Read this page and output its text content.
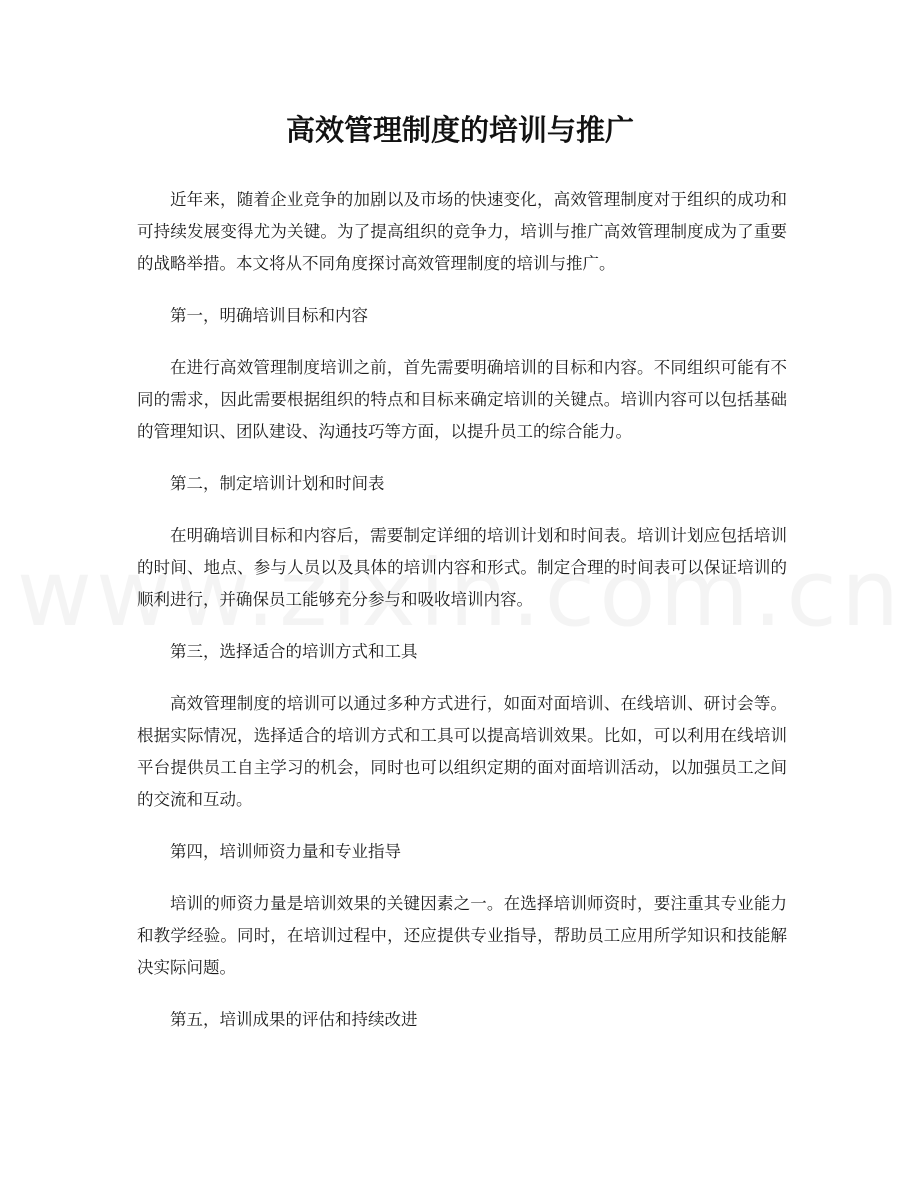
高效管理制度的培训与推广

近年来，随着企业竞争的加剧以及市场的快速变化，高效管理制度对于组织的成功和可持续发展变得尤为关键。为了提高组织的竞争力，培训与推广高效管理制度成为了重要的战略举措。本文将从不同角度探讨高效管理制度的培训与推广。

第一，明确培训目标和内容

在进行高效管理制度培训之前，首先需要明确培训的目标和内容。不同组织可能有不同的需求，因此需要根据组织的特点和目标来确定培训的关键点。培训内容可以包括基础的管理知识、团队建设、沟通技巧等方面，以提升员工的综合能力。

第二，制定培训计划和时间表

在明确培训目标和内容后，需要制定详细的培训计划和时间表。培训计划应包括培训的时间、地点、参与人员以及具体的培训内容和形式。制定合理的时间表可以保证培训的顺利进行，并确保员工能够充分参与和吸收培训内容。

第三，选择适合的培训方式和工具

高效管理制度的培训可以通过多种方式进行，如面对面培训、在线培训、研讨会等。根据实际情况，选择适合的培训方式和工具可以提高培训效果。比如，可以利用在线培训平台提供员工自主学习的机会，同时也可以组织定期的面对面培训活动，以加强员工之间的交流和互动。

第四，培训师资力量和专业指导

培训的师资力量是培训效果的关键因素之一。在选择培训师资时，要注重其专业能力和教学经验。同时，在培训过程中，还应提供专业指导，帮助员工应用所学知识和技能解决实际问题。

第五，培训成果的评估和持续改进
